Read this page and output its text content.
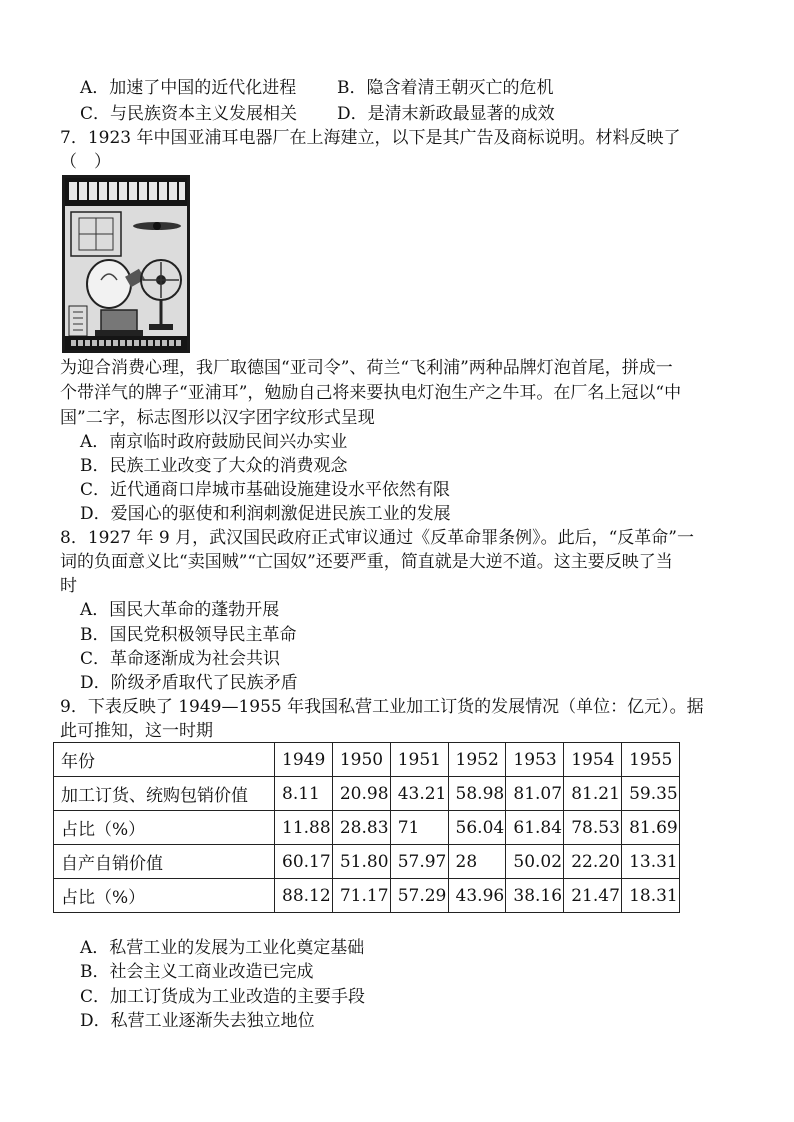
A．加速了中国的近代化进程 B．隐含着清王朝灭亡的危机
C．与民族资本主义发展相关 D．是清末新政最显著的成效
7．1923 年中国亚浦耳电器厂在上海建立，以下是其广告及商标说明。材料反映了
（　）
为迎合消费心理，我厂取德国“亚司令”、荷兰“飞利浦”两种品牌灯泡首尾，拼成一
个带洋气的牌子“亚浦耳”，勉励自己将来要执电灯泡生产之牛耳。在厂名上冠以“中
国”二字，标志图形以汉字团字纹形式呈现
A．南京临时政府鼓励民间兴办实业
B．民族工业改变了大众的消费观念
C．近代通商口岸城市基础设施建设水平依然有限
D．爱国心的驱使和利润刺激促进民族工业的发展
8．1927 年 9 月，武汉国民政府正式审议通过《反革命罪条例》。此后，“反革命”一
词的负面意义比“卖国贼”“亡国奴”还要严重，简直就是大逆不道。这主要反映了当
时
A．国民大革命的蓬勃开展
B．国民党积极领导民主革命
C．革命逐渐成为社会共识
D．阶级矛盾取代了民族矛盾
9．下表反映了 1949—1955 年我国私营工业加工订货的发展情况（单位：亿元）。据
此可推知，这一时期
年份	1949	1950	1951	1952	1953	1954	1955
加工订货、统购包销价值	8.11	20.98	43.21	58.98	81.07	81.21	59.35
占比（%）	11.88	28.83	71	56.04	61.84	78.53	81.69
自产自销价值	60.17	51.80	57.97	28	50.02	22.20	13.31
占比（%）	88.12	71.17	57.29	43.96	38.16	21.47	18.31
A．私营工业的发展为工业化奠定基础
B．社会主义工商业改造已完成
C．加工订货成为工业改造的主要手段
D．私营工业逐渐失去独立地位
